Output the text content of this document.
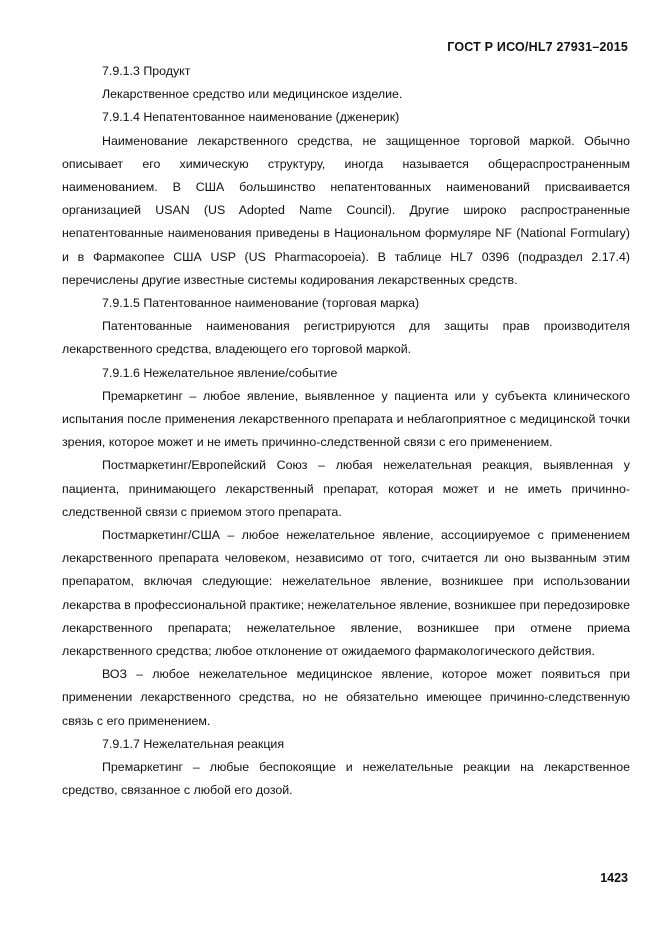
ГОСТ Р ИСО/HL7 27931–2015

7.9.1.3 Продукт

Лекарственное средство или медицинское изделие.

7.9.1.4 Непатентованное наименование (дженерик)

Наименование лекарственного средства, не защищенное торговой маркой. Обычно описывает его химическую структуру, иногда называется общераспространенным наименованием. В США большинство непатентованных наименований присваивается организацией USAN (US Adopted Name Council). Другие широко распространенные непатентованные наименования приведены в Национальном формуляре NF (National Formulary) и в Фармакопее США USP (US Pharmacopoeia). В таблице HL7 0396 (подраздел 2.17.4) перечислены другие известные системы кодирования лекарственных средств.

7.9.1.5 Патентованное наименование (торговая марка)

Патентованные наименования регистрируются для защиты прав производителя лекарственного средства, владеющего его торговой маркой.

7.9.1.6 Нежелательное явление/событие

Премаркетинг – любое явление, выявленное у пациента или у субъекта клинического испытания после применения лекарственного препарата и неблагоприятное с медицинской точки зрения, которое может и не иметь причинно-следственной связи с его применением.

Постмаркетинг/Европейский Союз – любая нежелательная реакция, выявленная у пациента, принимающего лекарственный препарат, которая может и не иметь причинно-следственной связи с приемом этого препарата.

Постмаркетинг/США – любое нежелательное явление, ассоциируемое с применением лекарственного препарата человеком, независимо от того, считается ли оно вызванным этим препаратом, включая следующие: нежелательное явление, возникшее при использовании лекарства в профессиональной практике; нежелательное явление, возникшее при передозировке лекарственного препарата; нежелательное явление, возникшее при отмене приема лекарственного средства; любое отклонение от ожидаемого фармакологического действия.

ВОЗ – любое нежелательное медицинское явление, которое может появиться при применении лекарственного средства, но не обязательно имеющее причинно-следственную связь с его применением.

7.9.1.7 Нежелательная реакция

Премаркетинг – любые беспокоящие и нежелательные реакции на лекарственное средство, связанное с любой его дозой.

1423
